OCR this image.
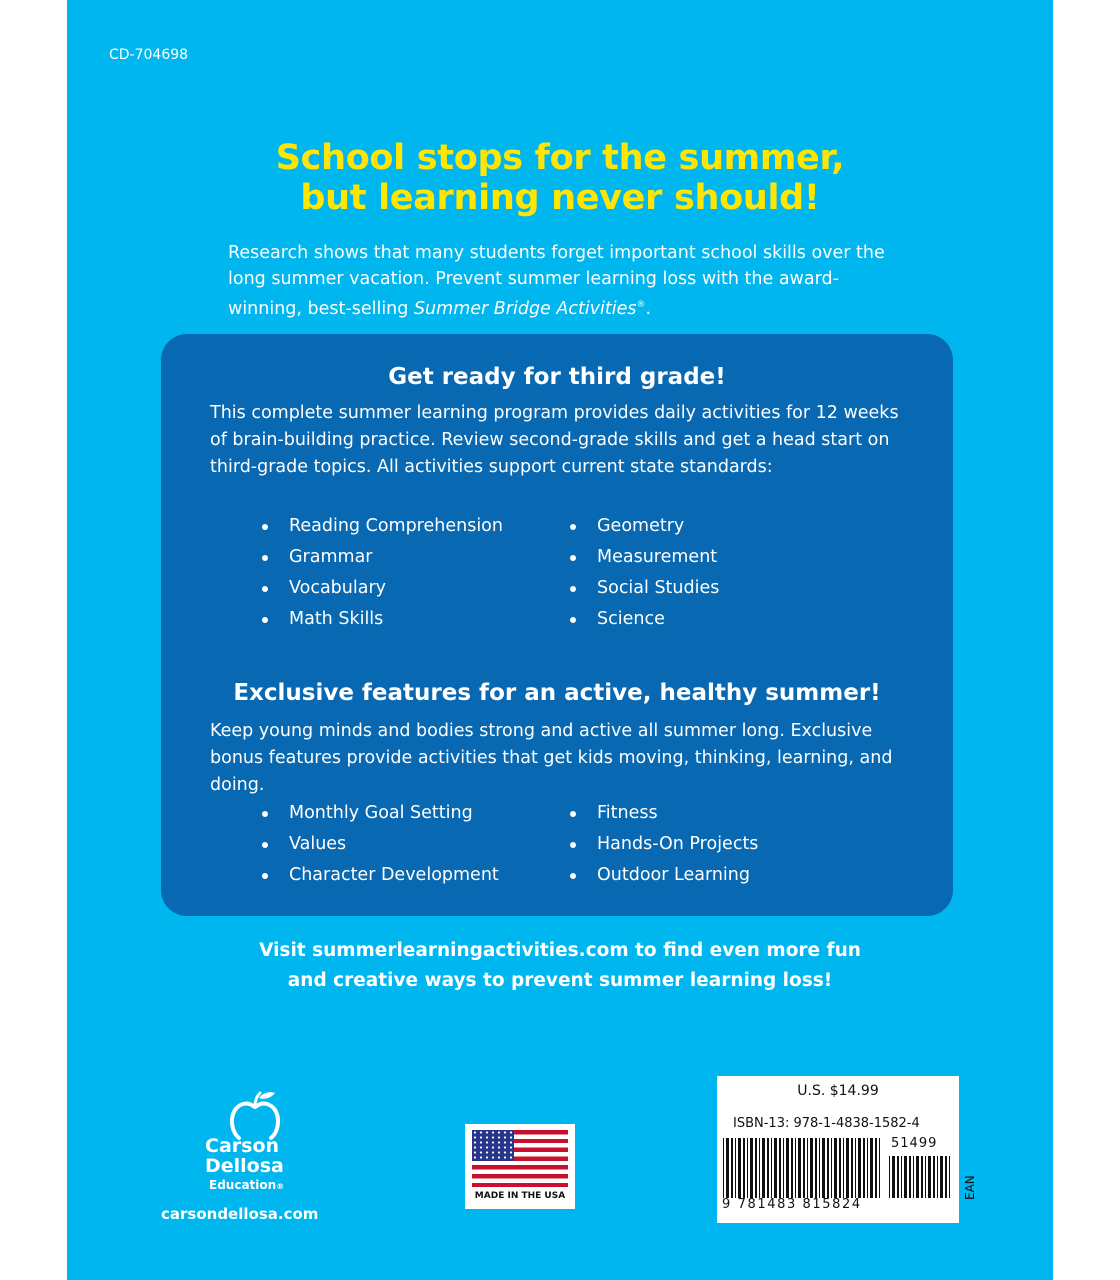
CD-704698
School stops for the summer,
but learning never should!
Research shows that many students forget important school skills over the long summer vacation. Prevent summer learning loss with the award-winning, best-selling Summer Bridge Activities®.
Get ready for third grade!

This complete summer learning program provides daily activities for 12 weeks of brain-building practice. Review second-grade skills and get a head start on third-grade topics. All activities support current state standards:

Reading Comprehension
Grammar
Vocabulary
Math Skills
Geometry
Measurement
Social Studies
Science
Exclusive features for an active, healthy summer!

Keep young minds and bodies strong and active all summer long. Exclusive bonus features provide activities that get kids moving, thinking, learning, and doing.

Monthly Goal Setting
Values
Character Development
Fitness
Hands-On Projects
Outdoor Learning
Visit summerlearningactivities.com to find even more fun
and creative ways to prevent summer learning loss!
Carson
Dellosa
Education®
carsondellosa.com
MADE IN THE USA
U.S. $14.99
ISBN-13: 978-1-4838-1582-4
51499
9 781483 815824
EAN
